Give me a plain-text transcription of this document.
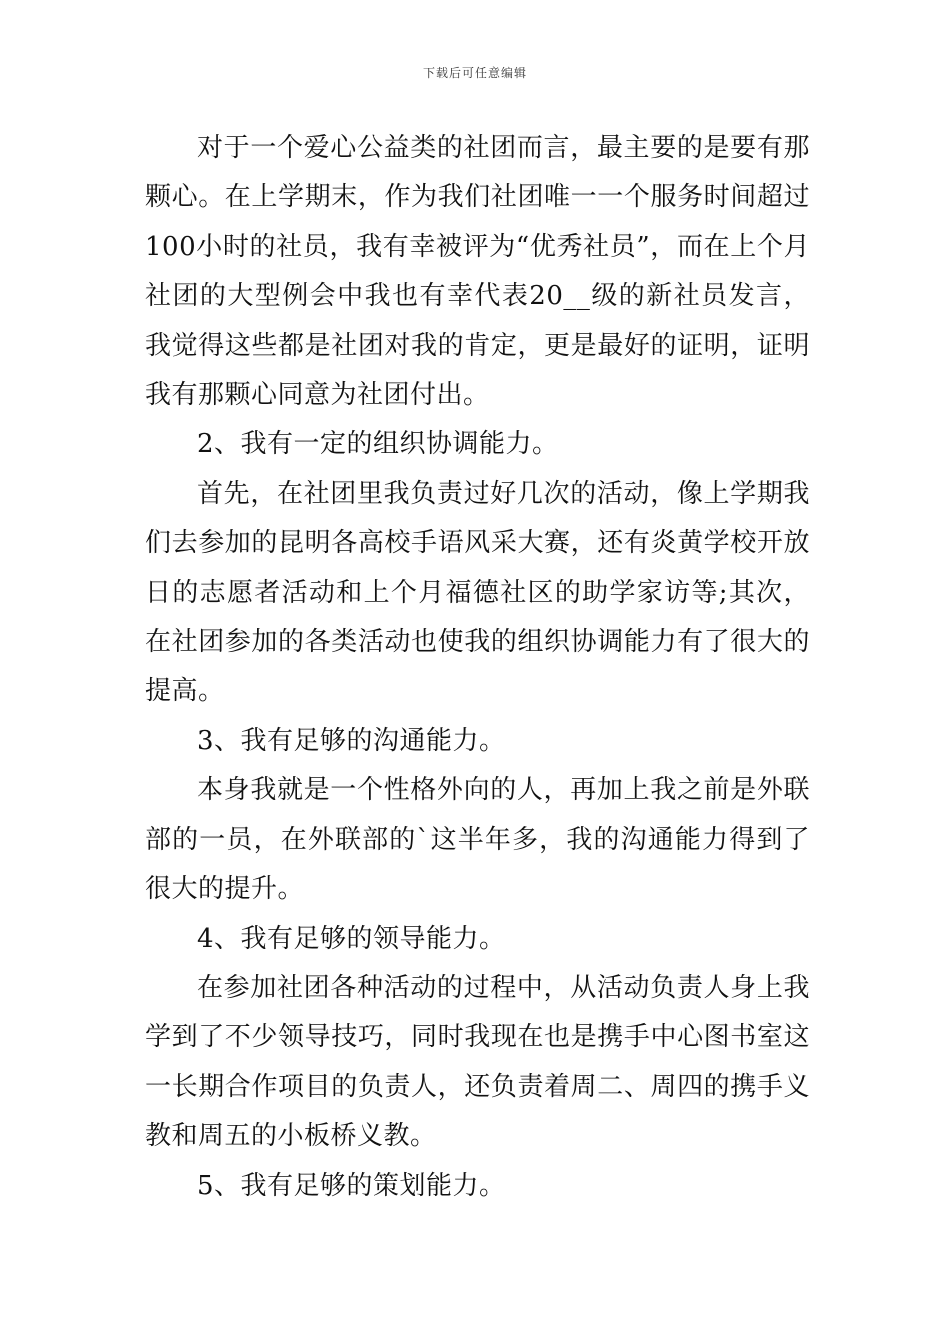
下载后可任意编辑

对于一个爱心公益类的社团而言，最主要的是要有那颗心。在上学期末，作为我们社团唯一一个服务时间超过100小时的社员，我有幸被评为“优秀社员”，而在上个月社团的大型例会中我也有幸代表20__级的新社员发言，我觉得这些都是社团对我的肯定，更是最好的证明，证明我有那颗心同意为社团付出。

2、我有一定的组织协调能力。

首先，在社团里我负责过好几次的活动，像上学期我们去参加的昆明各高校手语风采大赛，还有炎黄学校开放日的志愿者活动和上个月福德社区的助学家访等;其次，在社团参加的各类活动也使我的组织协调能力有了很大的提高。

3、我有足够的沟通能力。

本身我就是一个性格外向的人，再加上我之前是外联部的一员，在外联部的`这半年多，我的沟通能力得到了很大的提升。

4、我有足够的领导能力。

在参加社团各种活动的过程中，从活动负责人身上我学到了不少领导技巧，同时我现在也是携手中心图书室这一长期合作项目的负责人，还负责着周二、周四的携手义教和周五的小板桥义教。

5、我有足够的策划能力。
